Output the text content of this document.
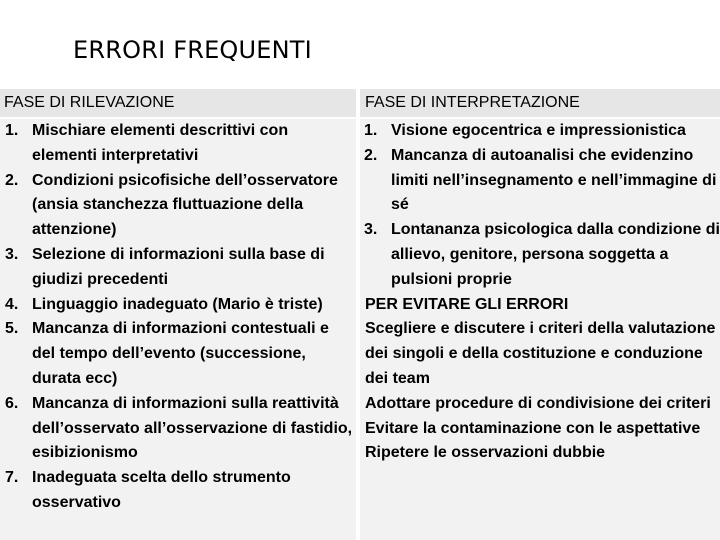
ERRORI FREQUENTI
FASE DI RILEVAZIONE	FASE DI INTERPRETAZIONE
1. Mischiare elementi descrittivi con elementi interpretativi
2. Condizioni psicofisiche dell’osservatore (ansia stanchezza fluttuazione della attenzione)
3. Selezione di informazioni sulla base di giudizi precedenti
4. Linguaggio inadeguato (Mario è triste)
5. Mancanza di informazioni contestuali e del tempo dell’evento (successione, durata ecc)
6. Mancanza di informazioni sulla reattività dell’osservato all’osservazione di fastidio, esibizionismo
7. Inadeguata scelta dello strumento osservativo
1. Visione egocentrica e impressionistica
2. Mancanza di autoanalisi che evidenzino limiti nell’insegnamento e nell’immagine di sé
3. Lontananza psicologica dalla condizione di allievo, genitore, persona soggetta a pulsioni proprie

PER EVITARE GLI ERRORI

Scegliere e discutere i criteri della valutazione dei singoli e della costituzione e conduzione dei team

Adottare procedure di condivisione dei criteri

Evitare la contaminazione con le aspettative

Ripetere le osservazioni dubbie
